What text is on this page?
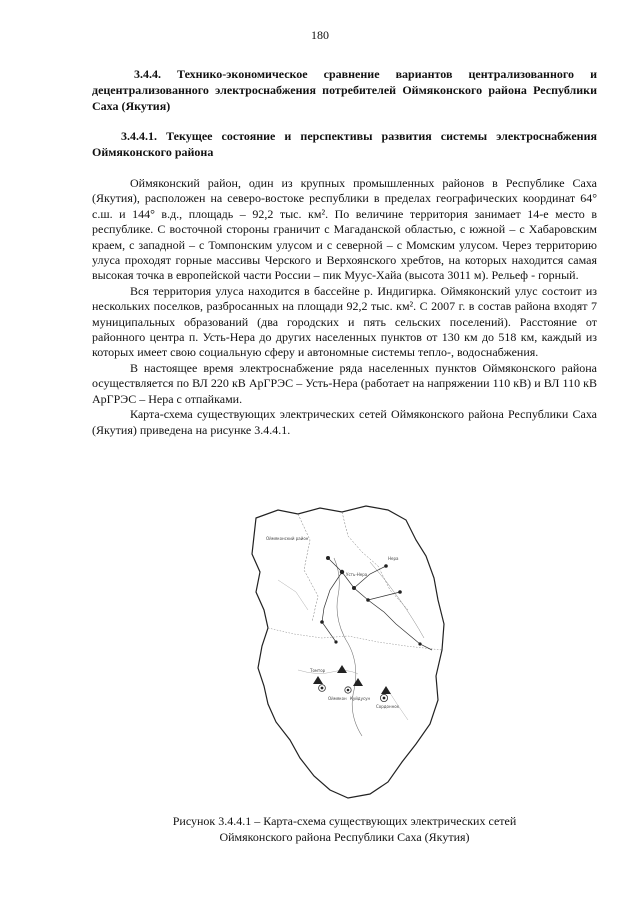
180
3.4.4. Технико-экономическое сравнение вариантов централизованного и децентрализованного электроснабжения потребителей Оймяконского района Республики Саха (Якутия)
3.4.4.1. Текущее состояние и перспективы развития системы электроснабжения Оймяконского района

Оймяконский район, один из крупных промышленных районов в Республике Саха (Якутия), расположен на северо-востоке республики в пределах географических координат 64° с.ш. и 144° в.д., площадь – 92,2 тыс. км². По величине территория занимает 14-е место в республике. С восточной стороны граничит с Магаданской областью, с южной – с Хабаровским краем, с западной – с Томпонским улусом и с северной – с Момским улусом. Через территорию улуса проходят горные массивы Черского и Верхоянского хребтов, на которых находится самая высокая точка в европейской части России – пик Муус-Хайа (высота 3011 м). Рельеф - горный.

Вся территория улуса находится в бассейне р. Индигирка. Оймяконский улус состоит из нескольких поселков, разбросанных на площади 92,2 тыс. км². С 2007 г. в состав района входят 7 муниципальных образований (два городских и пять сельских поселений). Расстояние от районного центра п. Усть-Нера до других населенных пунктов от 130 км до 518 км, каждый из которых имеет свою социальную сферу и автономные системы тепло-, водоснабжения.

В настоящее время электроснабжение ряда населенных пунктов Оймяконского района осуществляется по ВЛ 220 кВ АрГРЭС – Усть-Нера (работает на напряжении 110 кВ) и ВЛ 110 кВ АрГРЭС – Нера с отпайками.

Карта-схема существующих электрических сетей Оймяконского района Республики Саха (Якутия) приведена на рисунке 3.4.4.1.

Оймяконский район
Усть-Нера
Нера
Оймякон
Томтор
Куйдусун
Сордоннох
Рисунок 3.4.4.1 – Карта-схема существующих электрических сетей
Оймяконского района Республики Саха (Якутия)
